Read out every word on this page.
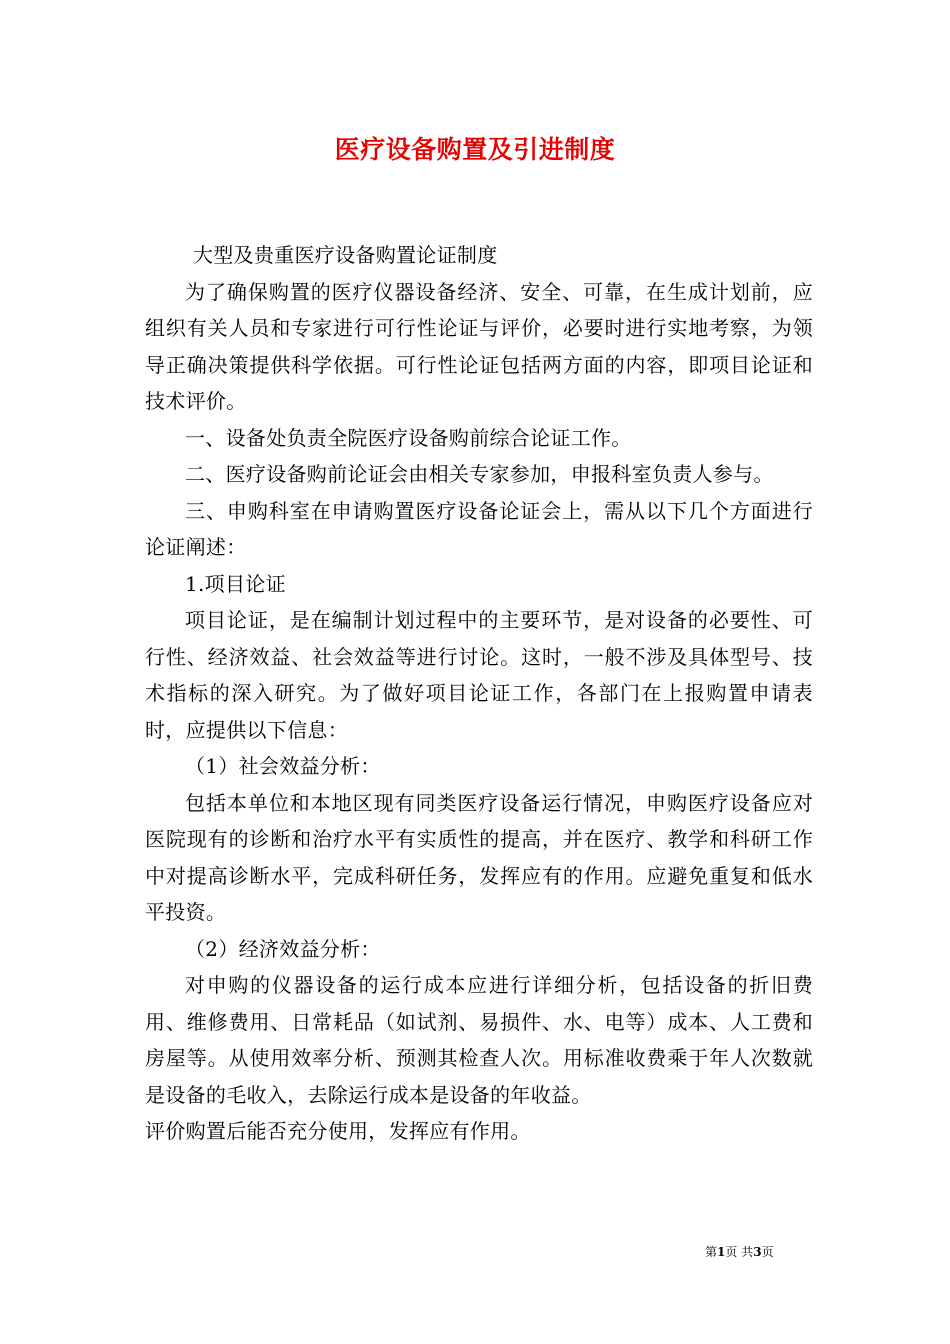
医疗设备购置及引进制度

大型及贵重医疗设备购置论证制度

为了确保购置的医疗仪器设备经济、安全、可靠，在生成计划前，应组织有关人员和专家进行可行性论证与评价，必要时进行实地考察，为领导正确决策提供科学依据。可行性论证包括两方面的内容，即项目论证和技术评价。

一、设备处负责全院医疗设备购前综合论证工作。

二、医疗设备购前论证会由相关专家参加，申报科室负责人参与。

三、申购科室在申请购置医疗设备论证会上，需从以下几个方面进行论证阐述：

1.项目论证

项目论证，是在编制计划过程中的主要环节，是对设备的必要性、可行性、经济效益、社会效益等进行讨论。这时，一般不涉及具体型号、技术指标的深入研究。为了做好项目论证工作，各部门在上报购置申请表时，应提供以下信息：

（1）社会效益分析：

包括本单位和本地区现有同类医疗设备运行情况，申购医疗设备应对医院现有的诊断和治疗水平有实质性的提高，并在医疗、教学和科研工作中对提高诊断水平，完成科研任务，发挥应有的作用。应避免重复和低水平投资。

（2）经济效益分析：

对申购的仪器设备的运行成本应进行详细分析，包括设备的折旧费用、维修费用、日常耗品（如试剂、易损件、水、电等）成本、人工费和房屋等。从使用效率分析、预测其检查人次。用标准收费乘于年人次数就是设备的毛收入，去除运行成本是设备的年收益。

评价购置后能否充分使用，发挥应有作用。

第1页 共3页
